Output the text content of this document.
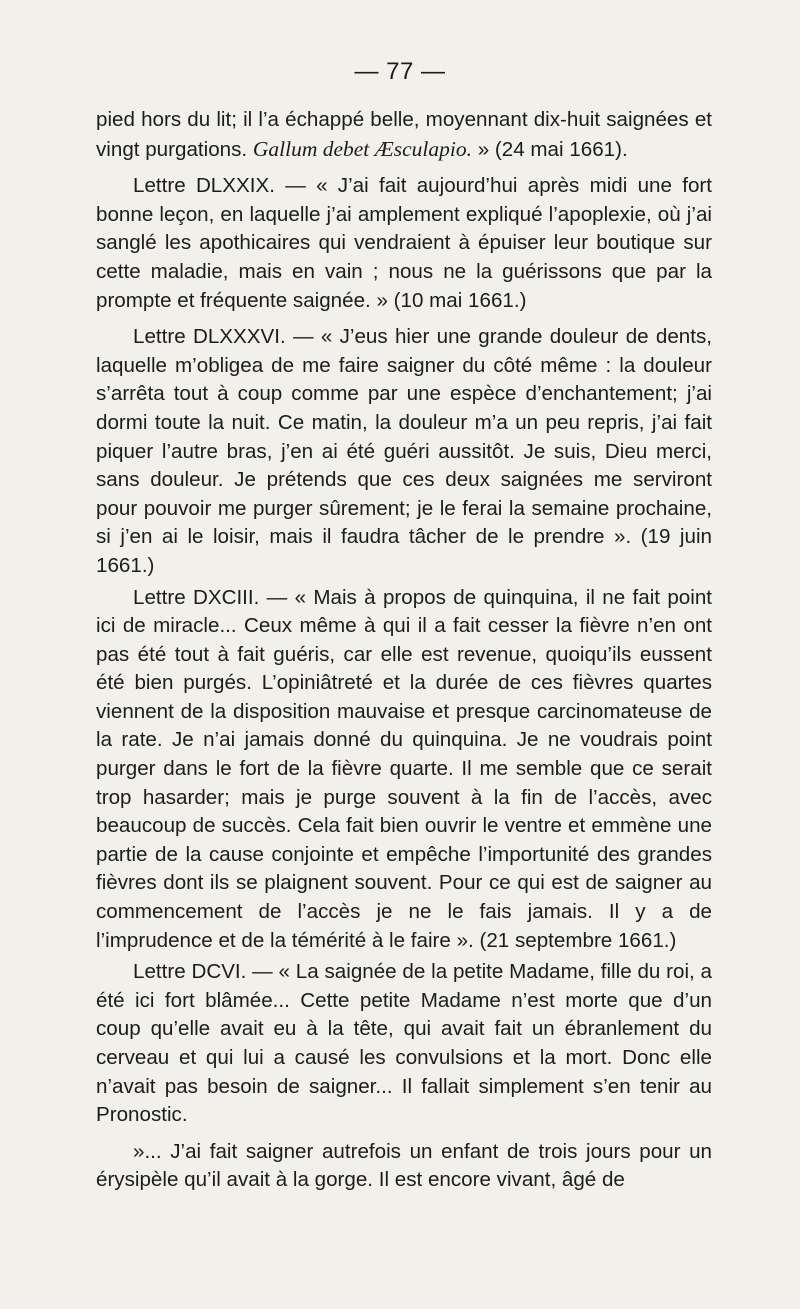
— 77 —

pied hors du lit; il l’a échappé belle, moyennant dix-huit saignées et vingt purgations. Gallum debet Æsculapio. » (24 mai 1661).

Lettre DLXXIX. — « J’ai fait aujourd’hui après midi une fort bonne leçon, en laquelle j’ai amplement expliqué l’apoplexie, où j’ai sanglé les apothicaires qui vendraient à épuiser leur boutique sur cette maladie, mais en vain ; nous ne la guérissons que par la prompte et fréquente saignée. » (10 mai 1661.)

Lettre DLXXXVI. — « J’eus hier une grande douleur de dents, laquelle m’obligea de me faire saigner du côté même : la douleur s’arrêta tout à coup comme par une espèce d’enchantement; j’ai dormi toute la nuit. Ce matin, la douleur m’a un peu repris, j’ai fait piquer l’autre bras, j’en ai été guéri aussitôt. Je suis, Dieu merci, sans douleur. Je prétends que ces deux saignées me serviront pour pouvoir me purger sûrement; je le ferai la semaine prochaine, si j’en ai le loisir, mais il faudra tâcher de le prendre ». (19 juin 1661.)

Lettre DXCIII. — « Mais à propos de quinquina, il ne fait point ici de miracle... Ceux même à qui il a fait cesser la fièvre n’en ont pas été tout à fait guéris, car elle est revenue, quoiqu’ils eussent été bien purgés. L’opiniâtreté et la durée de ces fièvres quartes viennent de la disposition mauvaise et presque carcinomateuse de la rate. Je n’ai jamais donné du quinquina. Je ne voudrais point purger dans le fort de la fièvre quarte. Il me semble que ce serait trop hasarder; mais je purge souvent à la fin de l’accès, avec beaucoup de succès. Cela fait bien ouvrir le ventre et emmène une partie de la cause conjointe et empêche l’importunité des grandes fièvres dont ils se plaignent souvent. Pour ce qui est de saigner au commencement de l’accès je ne le fais jamais. Il y a de l’imprudence et de la témérité à le faire ». (21 septembre 1661.)

Lettre DCVI. — « La saignée de la petite Madame, fille du roi, a été ici fort blâmée... Cette petite Madame n’est morte que d’un coup qu’elle avait eu à la tête, qui avait fait un ébranlement du cerveau et qui lui a causé les convulsions et la mort. Donc elle n’avait pas besoin de saigner... Il fallait simplement s’en tenir au Pronostic.

»... J’ai fait saigner autrefois un enfant de trois jours pour un érysipèle qu’il avait à la gorge. Il est encore vivant, âgé de
